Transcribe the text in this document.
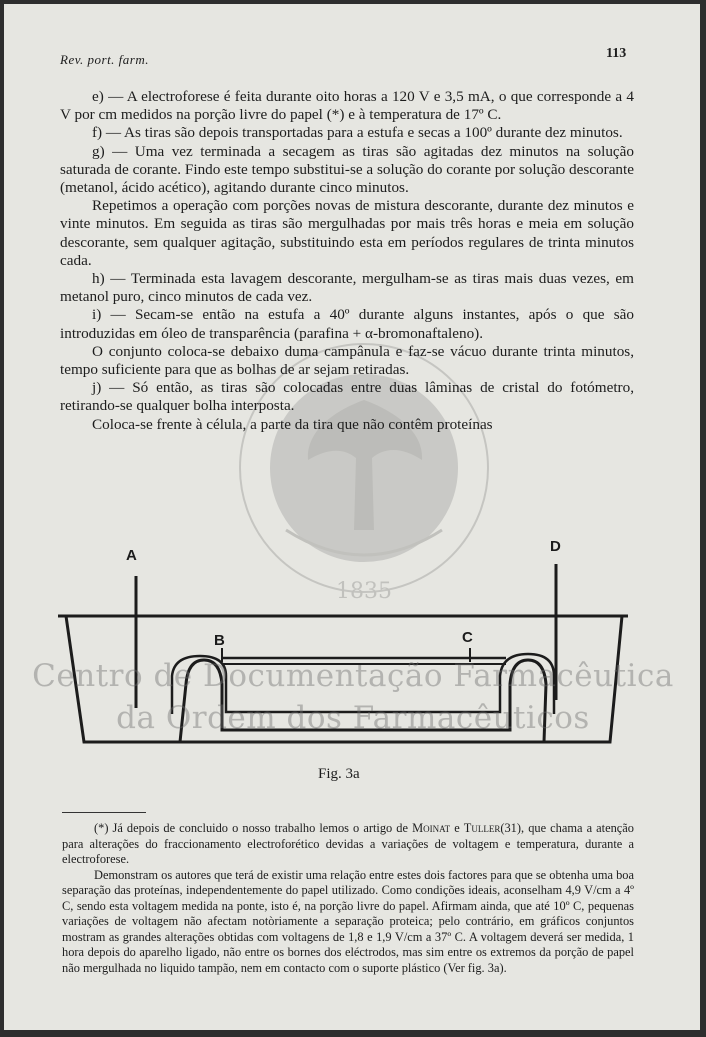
Rev. port. farm.	113
1835

e) — A electroforese é feita durante oito horas a 120 V e 3,5 mA, o que corresponde a 4 V por cm medidos na porção livre do papel (*) e à temperatura de 17º C.

f) — As tiras são depois transportadas para a estufa e secas a 100º durante dez minutos.

g) — Uma vez terminada a secagem as tiras são agitadas dez minutos na solução saturada de corante. Findo este tempo substitui-se a solução do corante por solução descorante (metanol, ácido acético), agitando durante cinco minutos.

Repetimos a operação com porções novas de mistura descorante, durante dez minutos e vinte minutos. Em seguida as tiras são mergulhadas por mais três horas e meia em solução descorante, sem qualquer agitação, substituindo esta em períodos regulares de trinta minutos cada.

h) — Terminada esta lavagem descorante, mergulham-se as tiras mais duas vezes, em metanol puro, cinco minutos de cada vez.

i) — Secam-se então na estufa a 40º durante alguns instantes, após o que são introduzidas em óleo de transparência (parafina + α-bromonaftaleno).

O conjunto coloca-se debaixo duma campânula e faz-se vácuo durante trinta minutos, tempo suficiente para que as bolhas de ar sejam retiradas.

j) — Só então, as tiras são colocadas entre duas lâminas de cristal do fotómetro, retirando-se qualquer bolha interposta.

Coloca-se frente à célula, a parte da tira que não contêm proteínas

A
B	C
D
Fig. 3a
Centro de Documentação Farmacêutica
da Ordem dos Farmacêuticos

(*) Já depois de concluido o nosso trabalho lemos o artigo de Moinat e Tuller(31), que chama a atenção para alterações do fraccionamento electroforético devidas a variações de voltagem e temperatura, durante a electroforese.

Demonstram os autores que terá de existir uma relação entre estes dois factores para que se obtenha uma boa separação das proteínas, independentemente do papel utilizado. Como condições ideais, aconselham 4,9 V/cm a 4º C, sendo esta voltagem medida na ponte, isto é, na porção livre do papel. Afirmam ainda, que até 10º C, pequenas variações de voltagem não afectam notòriamente a separação proteica; pelo contrário, em gráficos conjuntos mostram as grandes alterações obtidas com voltagens de 1,8 e 1,9 V/cm a 37º C. A voltagem deverá ser medida, 1 hora depois do aparelho ligado, não entre os bornes dos eléctrodos, mas sim entre os extremos da porção de papel não mergulhada no liquido tampão, nem em contacto com o suporte plástico (Ver fig. 3a).
